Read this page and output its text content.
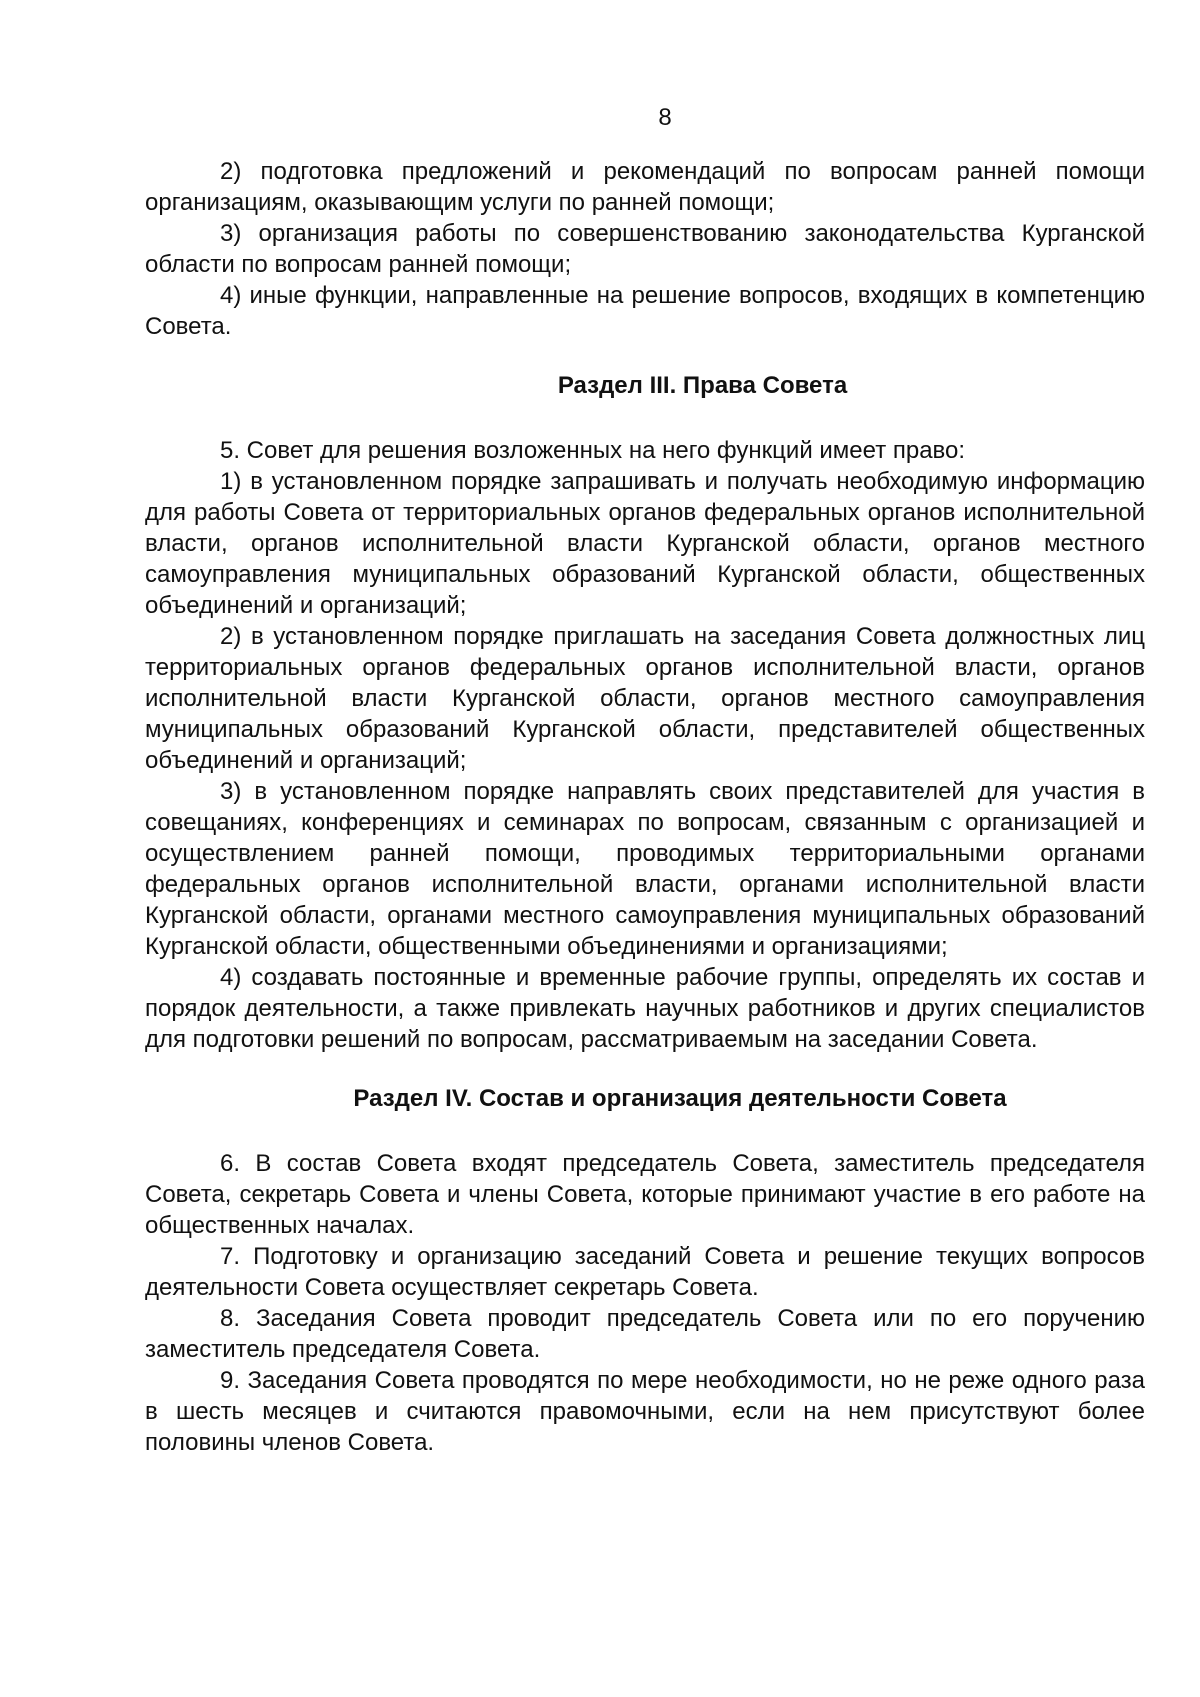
8

2) подготовка предложений и рекомендаций по вопросам ранней помощи организациям, оказывающим услуги по ранней помощи;

3) организация работы по совершенствованию законодательства Курганской области по вопросам ранней помощи;

4) иные функции, направленные на решение вопросов, входящих в компетенцию Совета.

Раздел III. Права Совета

5. Совет для решения возложенных на него функций имеет право:

1) в установленном порядке запрашивать и получать необходимую информацию для работы Совета от территориальных органов федеральных органов исполнительной власти, органов исполнительной власти Курганской области, органов местного самоуправления муниципальных образований Курганской области, общественных объединений и организаций;

2) в установленном порядке приглашать на заседания Совета должностных лиц территориальных органов федеральных органов исполнительной власти, органов исполнительной власти Курганской области, органов местного самоуправления муниципальных образований Курганской области, представителей общественных объединений и организаций;

3) в установленном порядке направлять своих представителей для участия в совещаниях, конференциях и семинарах по вопросам, связанным с организацией и осуществлением ранней помощи, проводимых территориальными органами федеральных органов исполнительной власти, органами исполнительной власти Курганской области, органами местного самоуправления муниципальных образований Курганской области, общественными объединениями и организациями;

4) создавать постоянные и временные рабочие группы, определять их состав и порядок деятельности, а также привлекать научных работников и других специалистов для подготовки решений по вопросам, рассматриваемым на заседании Совета.

Раздел IV. Состав и организация деятельности Совета

6. В состав Совета входят председатель Совета, заместитель председателя Совета, секретарь Совета и члены Совета, которые принимают участие в его работе на общественных началах.

7. Подготовку и организацию заседаний Совета и решение текущих вопросов деятельности Совета осуществляет секретарь Совета.

8. Заседания Совета проводит председатель Совета или по его поручению заместитель председателя Совета.

9. Заседания Совета проводятся по мере необходимости, но не реже одного раза в шесть месяцев и считаются правомочными, если на нем присутствуют более половины членов Совета.
